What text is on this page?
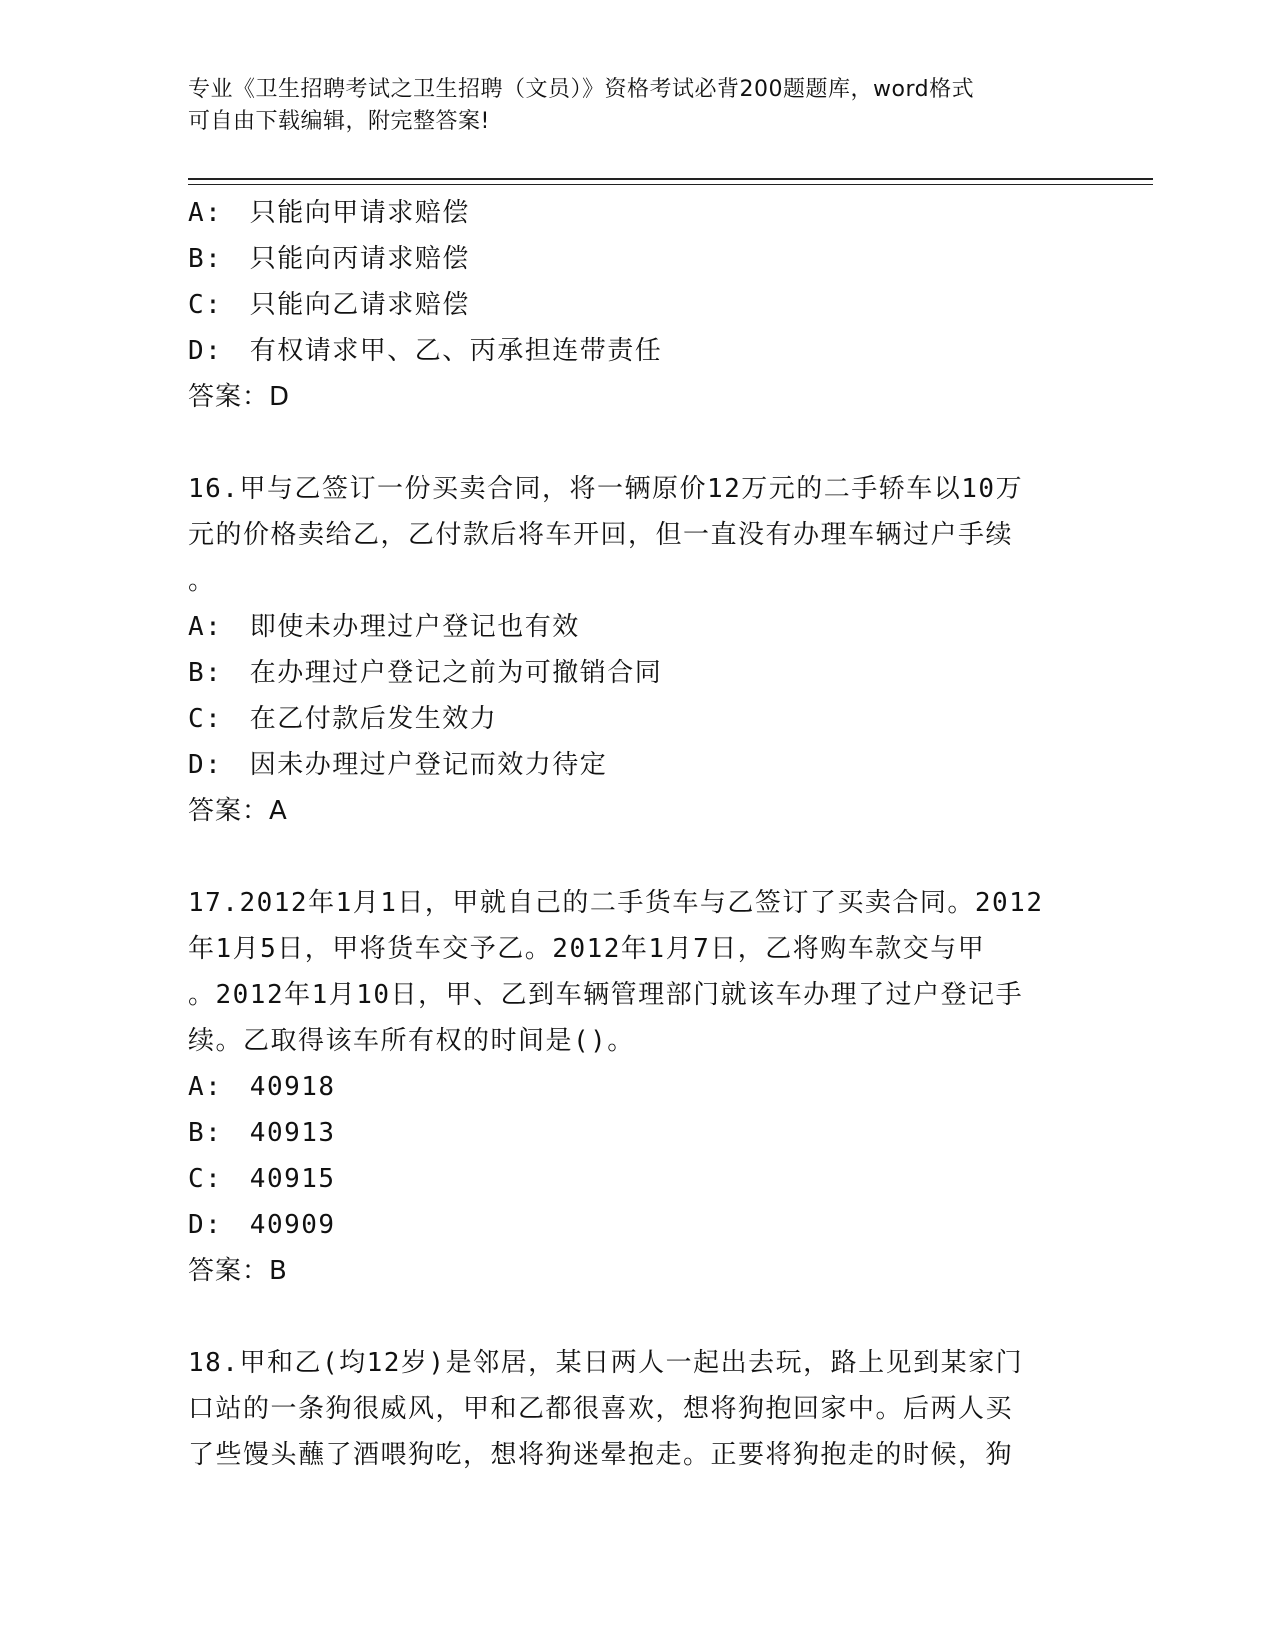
专业《卫生招聘考试之卫生招聘（文员）》资格考试必背200题题库，word格式
可自由下载编辑，附完整答案!
A:　只能向甲请求赔偿
B:　只能向丙请求赔偿
C:　只能向乙请求赔偿
D:　有权请求甲、乙、丙承担连带责任
答案：D
16.甲与乙签订一份买卖合同，将一辆原价12万元的二手轿车以10万
元的价格卖给乙，乙付款后将车开回，但一直没有办理车辆过户手续
。
A:　即使未办理过户登记也有效
B:　在办理过户登记之前为可撤销合同
C:　在乙付款后发生效力
D:　因未办理过户登记而效力待定
答案：A
17.2012年1月1日，甲就自己的二手货车与乙签订了买卖合同。2012
年1月5日，甲将货车交予乙。2012年1月7日，乙将购车款交与甲
。2012年1月10日，甲、乙到车辆管理部门就该车办理了过户登记手
续。乙取得该车所有权的时间是()。
A:　40918
B:　40913
C:　40915
D:　40909
答案：B
18.甲和乙(均12岁)是邻居，某日两人一起出去玩，路上见到某家门
口站的一条狗很威风，甲和乙都很喜欢，想将狗抱回家中。后两人买
了些馒头蘸了酒喂狗吃，想将狗迷晕抱走。正要将狗抱走的时候，狗
